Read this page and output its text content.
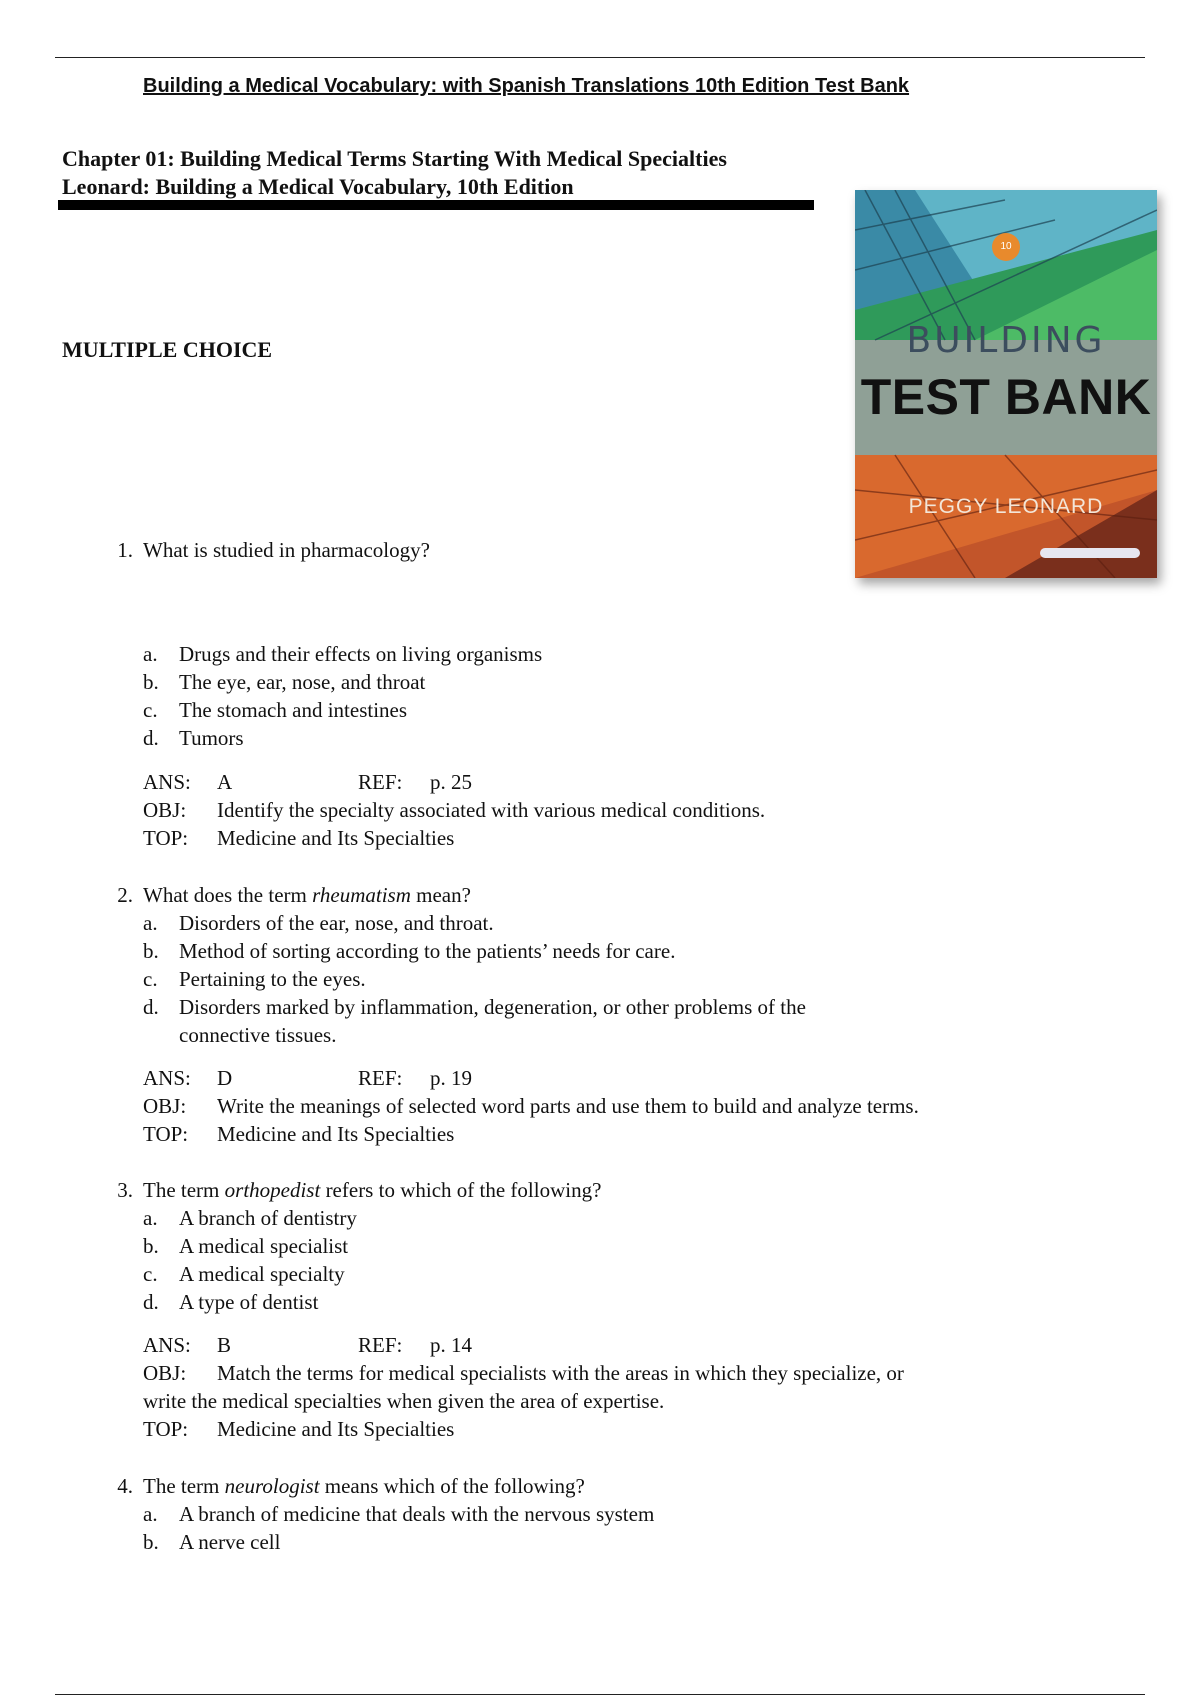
Building a Medical Vocabulary: with Spanish Translations 10th Edition Test Bank
Chapter 01: Building Medical Terms Starting With Medical Specialties
Leonard: Building a Medical Vocabulary, 10th Edition
MULTIPLE CHOICE
10
BUILDING
TEST BANK
PEGGY LEONARD
1. What is studied in pharmacology?
a. Drugs and their effects on living organisms
b. The eye, ear, nose, and throat
c. The stomach and intestines
d. Tumors
ANS: A	REF: p. 25
OBJ: Identify the specialty associated with various medical conditions.
TOP: Medicine and Its Specialties
2. What does the term rheumatism mean?
a. Disorders of the ear, nose, and throat.
b. Method of sorting according to the patients’ needs for care.
c. Pertaining to the eyes.
d. Disorders marked by inflammation, degeneration, or other problems of the
connective tissues.
ANS: D	REF: p. 19
OBJ: Write the meanings of selected word parts and use them to build and analyze terms.
TOP: Medicine and Its Specialties
3. The term orthopedist refers to which of the following?
a. A branch of dentistry
b. A medical specialist
c. A medical specialty
d. A type of dentist
ANS: B	REF: p. 14
OBJ: Match the terms for medical specialists with the areas in which they specialize, or
write the medical specialties when given the area of expertise.
TOP: Medicine and Its Specialties
4. The term neurologist means which of the following?
a. A branch of medicine that deals with the nervous system
b. A nerve cell
